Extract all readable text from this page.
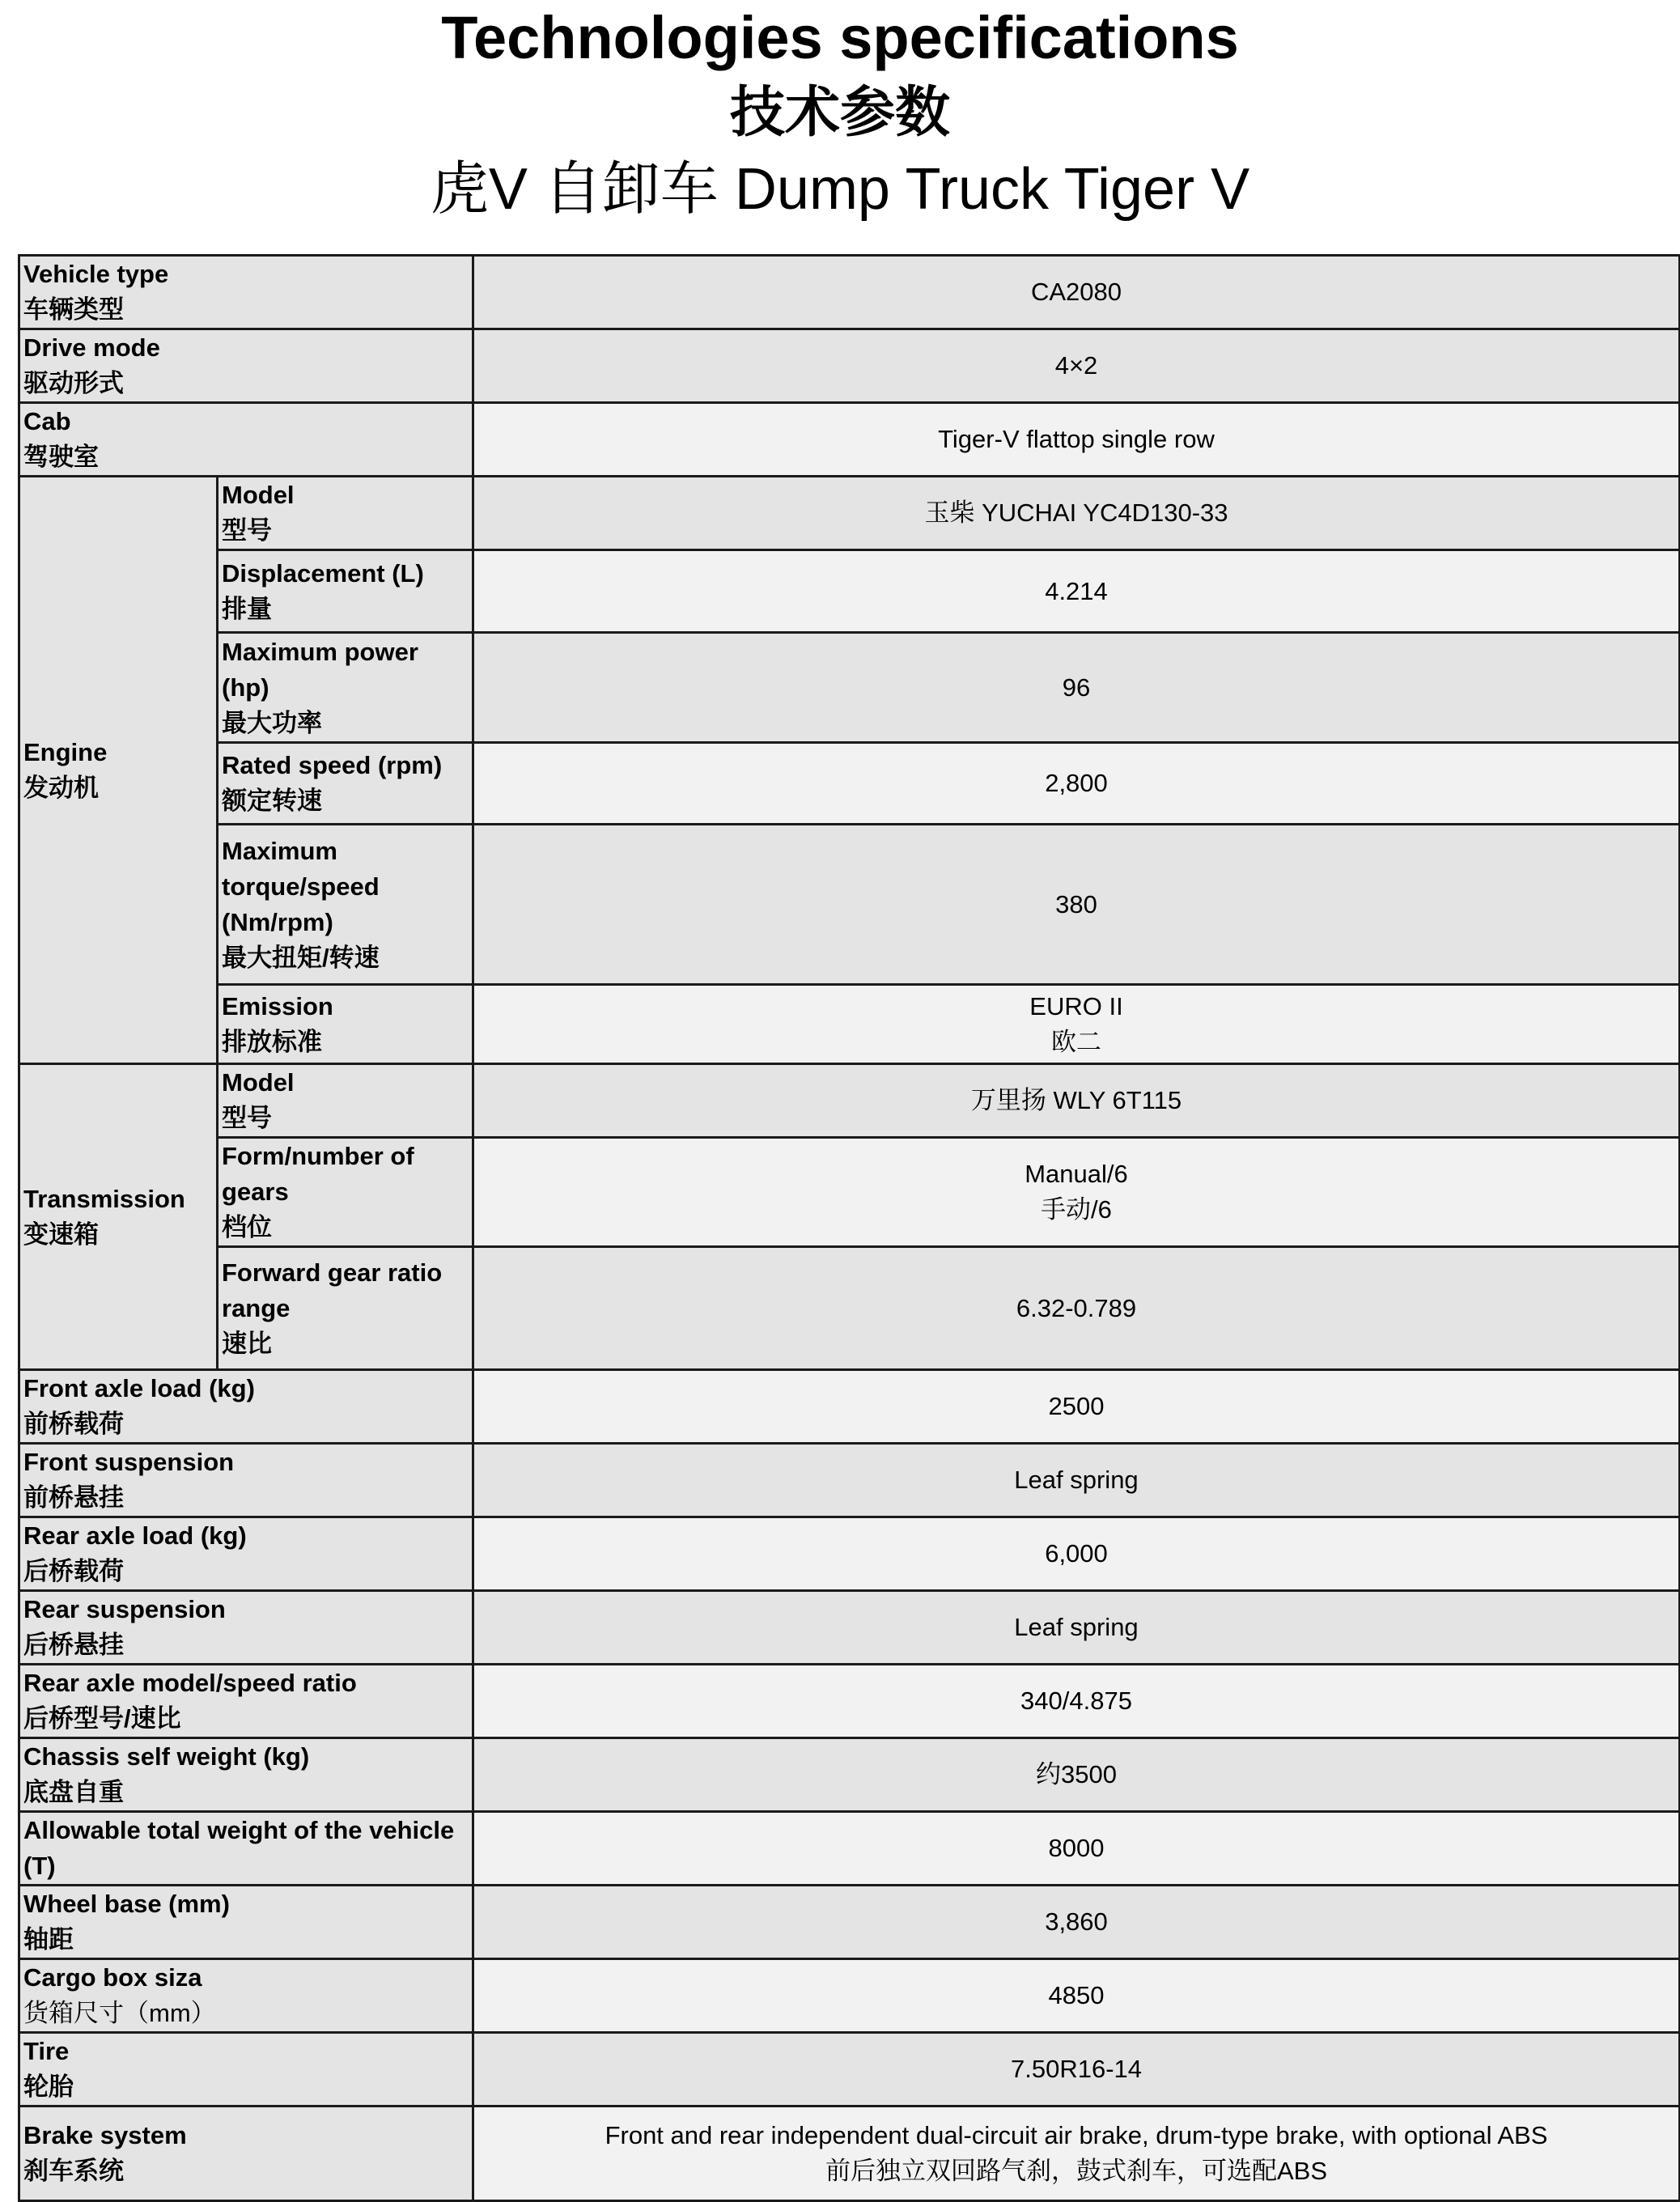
Technologies specifications
技术参数
虎V 自卸车 Dump Truck Tiger V
Vehicle type
车辆类型		CA2080

Drive mode
驱动形式		4×2

Cab
驾驶室		Tiger-V flattop single row

Engine
发动机	Model
型号	玉柴 YUCHAI YC4D130-33

	Displacement (L)
排量	4.214

	Maximum power (hp)
最大功率	96

	Rated speed (rpm)
额定转速	2,800

	Maximum torque/speed (Nm/rpm)
最大扭矩/转速	380

	Emission
排放标准	EURO II
欧二

Transmission
变速箱	Model
型号	万里扬 WLY 6T115

	Form/number of gears
档位	Manual/6
手动/6

	Forward gear ratio range
速比	6.32-0.789

Front axle load (kg)
前桥载荷		2500

Front suspension
前桥悬挂		Leaf spring

Rear axle load (kg)
后桥载荷		6,000

Rear suspension
后桥悬挂		Leaf spring

Rear axle model/speed ratio
后桥型号/速比		340/4.875

Chassis self weight (kg)
底盘自重		约3500
Allowable total weight of the vehicle (T)		8000

Wheel base (mm)
轴距		3,860

Cargo box siza
货箱尺寸（mm）		4850

Tire
轮胎		7.50R16-14

Brake system
刹车系统		Front and rear independent dual-circuit air brake, drum-type brake, with optional ABS
前后独立双回路气刹，鼓式刹车，可选配ABS
